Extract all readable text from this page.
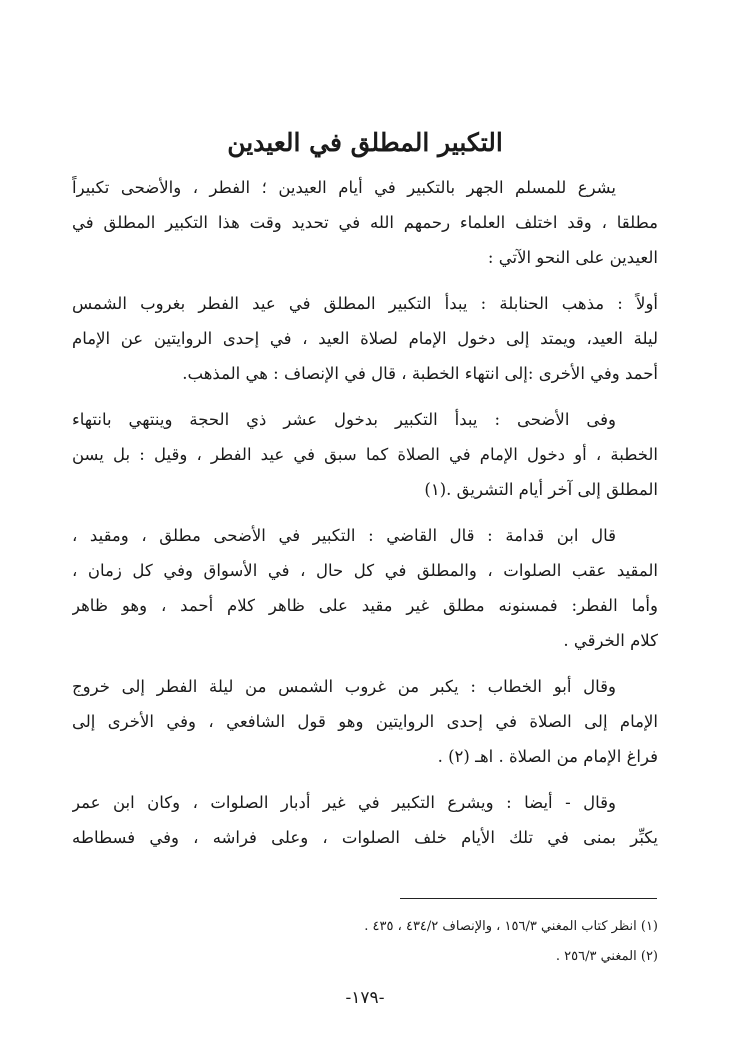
التكبير المطلق في العيدين
يشرع للمسلم الجهر بالتكبير في أيام العيدين ؛ الفطر ، والأضحى تكبيراً
مطلقا ، وقد اختلف العلماء رحمهم الله في تحديد وقت هذا التكبير المطلق في
العيدين على النحو الآتي :
أولاً : مذهب الحنابلة : يبدأ التكبير المطلق في عيد الفطر بغروب الشمس
ليلة العيد، ويمتد إلى دخول الإمام لصلاة العيد ، في إحدى الروايتين عن الإمام
أحمد وفي الأخرى :إلى انتهاء الخطبة ، قال في الإنصاف : هي المذهب.
وفى الأضحى : يبدأ التكبير بدخول عشر ذي الحجة وينتهي بانتهاء
الخطبة ، أو دخول الإمام في الصلاة كما سبق في عيد الفطر ، وقيل : بل يسن
المطلق إلى آخر أيام التشريق .(١)
قال ابن قدامة : قال القاضي : التكبير في الأضحى مطلق ، ومقيد ،
المقيد عقب الصلوات ، والمطلق في كل حال ، في الأسواق وفي كل زمان ،
وأما الفطر: فمسنونه مطلق غير مقيد على ظاهر كلام أحمد ، وهو ظاهر
كلام الخرقي .
وقال أبو الخطاب : يكبر من غروب الشمس من ليلة الفطر إلى خروج
الإمام إلى الصلاة في إحدى الروايتين وهو قول الشافعي ، وفي الأخرى إلى
فراغ الإمام من الصلاة . اهـ (٢) .
وقال - أيضا : ويشرع التكبير في غير أدبار الصلوات ، وكان ابن عمر
يكبِّر بمنى في تلك الأيام خلف الصلوات ، وعلى فراشه ، وفي فسطاطه
(١) انظر كتاب المغني ١٥٦/٣ ، والإنصاف ٤٣٤/٢ ، ٤٣٥ .
(٢) المغني ٢٥٦/٣ .
-١٧٩-
